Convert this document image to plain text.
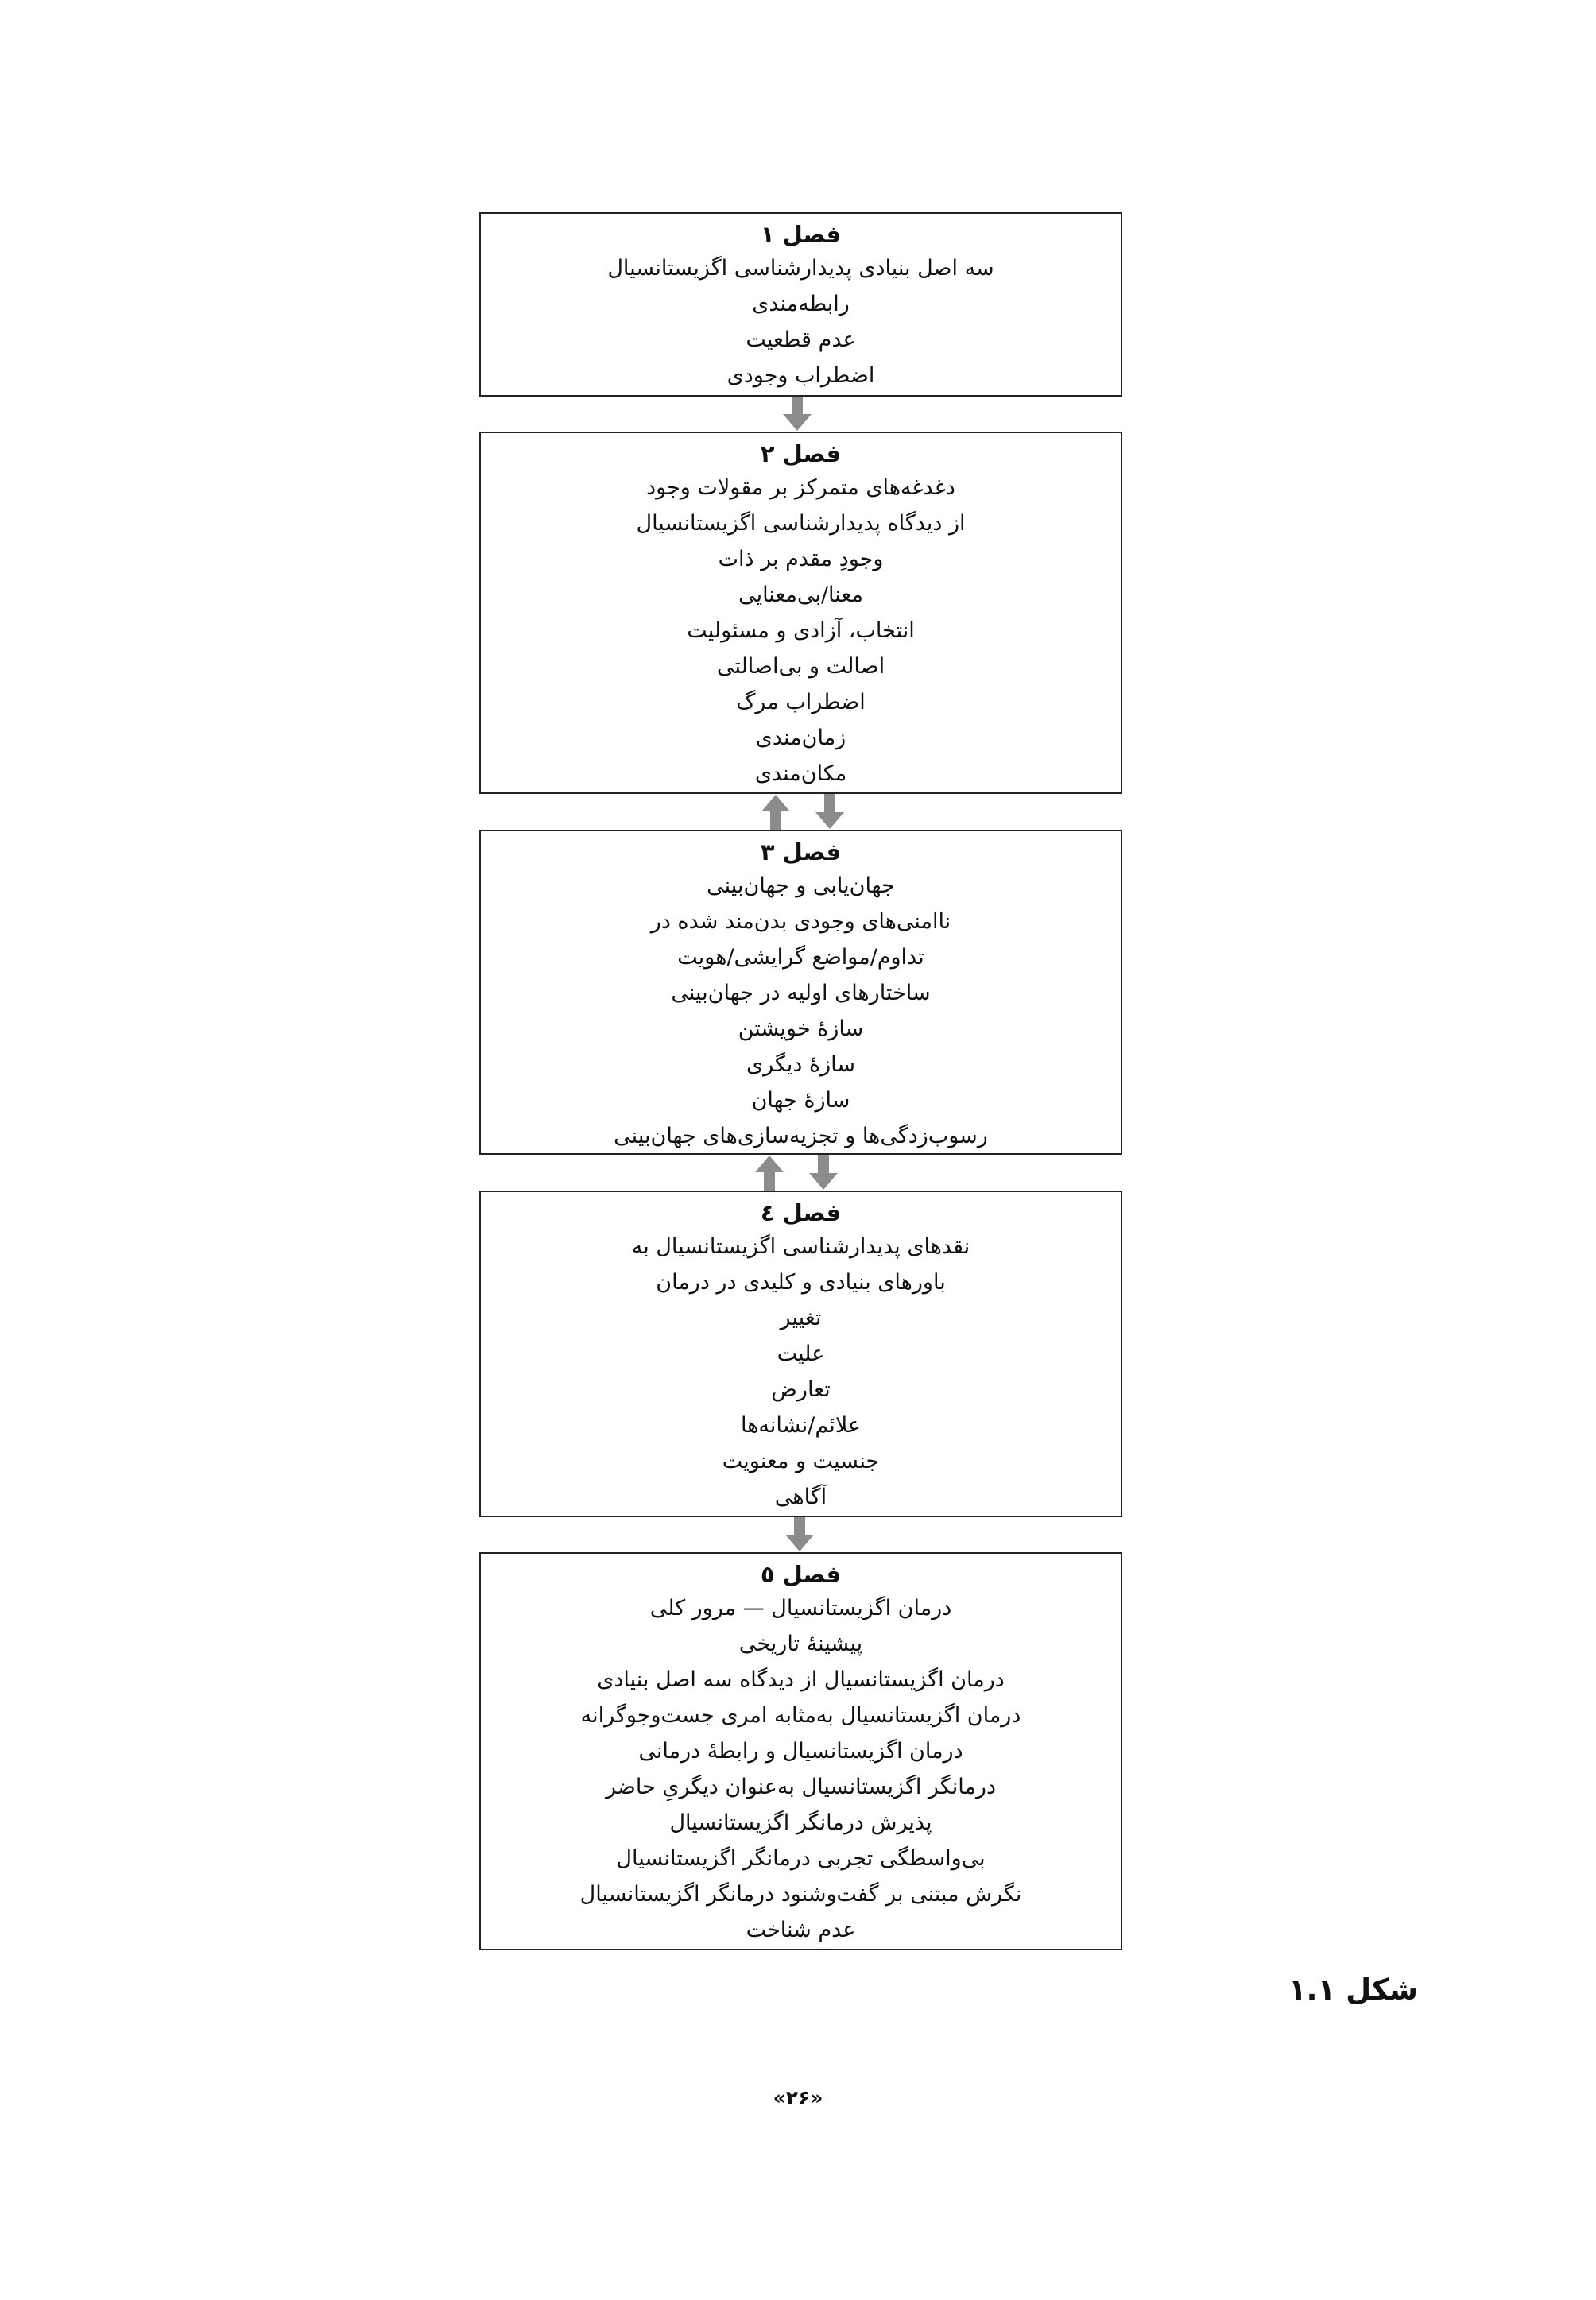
فصل ۱
سه اصل بنیادی پدیدارشناسی اگزیستانسیال
رابطه‌مندی
عدم قطعیت
اضطراب وجودی
فصل ۲
دغدغه‌های متمرکز بر مقولات وجود
از دیدگاه پدیدارشناسی اگزیستانسیال
وجودِ مقدم بر ذات
معنا/بی‌معنایی
انتخاب، آزادی و مسئولیت
اصالت و بی‌اصالتی
اضطراب مرگ
زمان‌مندی
مکان‌مندی
فصل ۳
جهان‌یابی و جهان‌بینی
ناامنی‌های وجودی بدن‌مند شده در
تداوم/مواضع گرایشی/هویت
ساختارهای اولیه در جهان‌بینی
سازهٔ خویشتن
سازهٔ دیگری
سازهٔ جهان
رسوب‌زدگی‌ها و تجزیه‌سازی‌های جهان‌بینی
فصل ٤
نقدهای پدیدارشناسی اگزیستانسیال به
باورهای بنیادی و کلیدی در درمان
تغییر
علیت
تعارض
علائم/نشانه‌ها
جنسیت و معنویت
آگاهی
فصل ٥
درمان اگزیستانسیال — مرور کلی
پیشینهٔ تاریخی
درمان اگزیستانسیال از دیدگاه سه اصل بنیادی
درمان اگزیستانسیال به‌مثابه امری جست‌وجوگرانه
درمان اگزیستانسیال و رابطهٔ درمانی
درمانگر اگزیستانسیال به‌عنوان دیگریِ حاضر
پذیرش درمانگر اگزیستانسیال
بی‌واسطگی تجربی درمانگر اگزیستانسیال
نگرش مبتنی بر گفت‌وشنود درمانگر اگزیستانسیال
عدم شناخت
شکل ۱.۱
«۲۶»
